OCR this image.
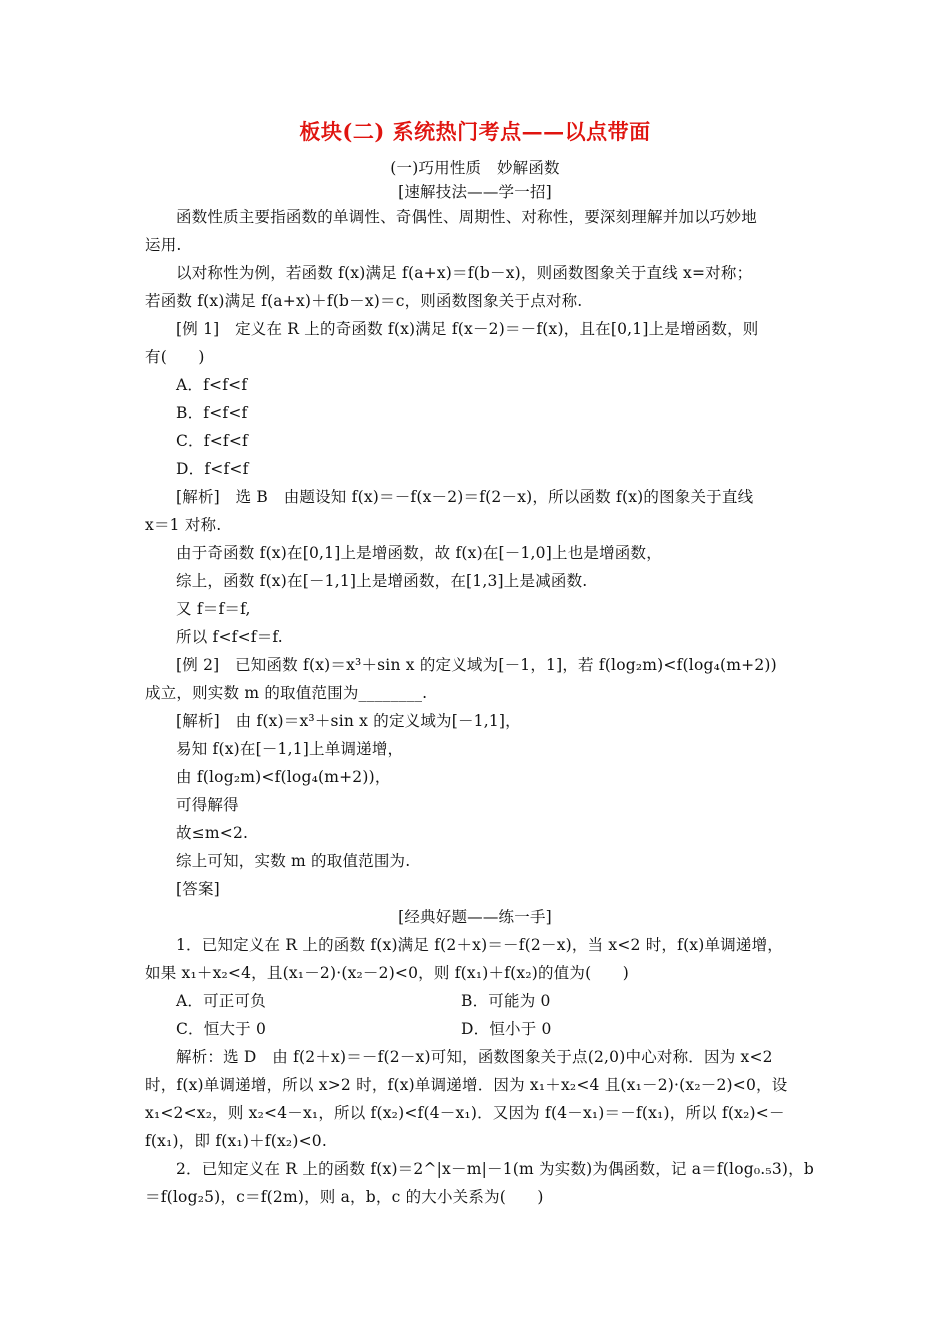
板块(二) 系统热门考点——以点带面
(一)巧用性质　妙解函数
[速解技法——学一招]
函数性质主要指函数的单调性、奇偶性、周期性、对称性，要深刻理解并加以巧妙地
运用.
以对称性为例，若函数 f(x)满足 f(a+x)＝f(b－x)，则函数图象关于直线 x=对称；
若函数 f(x)满足 f(a+x)＋f(b－x)＝c，则函数图象关于点对称.
[例 1]　定义在 R 上的奇函数 f(x)满足 f(x－2)＝－f(x)，且在[0,1]上是增函数，则
有(　　)
A．f<f<f
B．f<f<f
C．f<f<f
D．f<f<f
[解析]　选 B　由题设知 f(x)＝－f(x－2)＝f(2－x)，所以函数 f(x)的图象关于直线
x＝1 对称.
由于奇函数 f(x)在[0,1]上是增函数，故 f(x)在[－1,0]上也是增函数，
综上，函数 f(x)在[－1,1]上是增函数，在[1,3]上是减函数.
又 f＝f＝f,
所以 f<f<f＝f.
[例 2]　已知函数 f(x)＝x³＋sin x 的定义域为[－1，1]，若 f(log₂m)<f(log₄(m+2))
成立，则实数 m 的取值范围为________.
[解析]　由 f(x)＝x³＋sin x 的定义域为[－1,1]，
易知 f(x)在[－1,1]上单调递增，
由 f(log₂m)<f(log₄(m+2))，
可得解得
故≤m<2.
综上可知，实数 m 的取值范围为.
[答案]
[经典好题——练一手]
1．已知定义在 R 上的函数 f(x)满足 f(2＋x)＝－f(2－x)，当 x<2 时，f(x)单调递增，
如果 x₁＋x₂<4，且(x₁－2)·(x₂－2)<0，则 f(x₁)＋f(x₂)的值为(　　)
A．可正可负	B．可能为 0
C．恒大于 0	D．恒小于 0
解析：选 D　由 f(2＋x)＝－f(2－x)可知，函数图象关于点(2,0)中心对称．因为 x<2
时，f(x)单调递增，所以 x>2 时，f(x)单调递增．因为 x₁＋x₂<4 且(x₁－2)·(x₂－2)<0，设
x₁<2<x₂，则 x₂<4－x₁，所以 f(x₂)<f(4－x₁)．又因为 f(4－x₁)＝－f(x₁)，所以 f(x₂)<－
f(x₁)，即 f(x₁)＋f(x₂)<0.
2．已知定义在 R 上的函数 f(x)＝2^|x－m|－1(m 为实数)为偶函数，记 a＝f(log₀.₅3)，b
＝f(log₂5)，c＝f(2m)，则 a，b，c 的大小关系为(　　)
